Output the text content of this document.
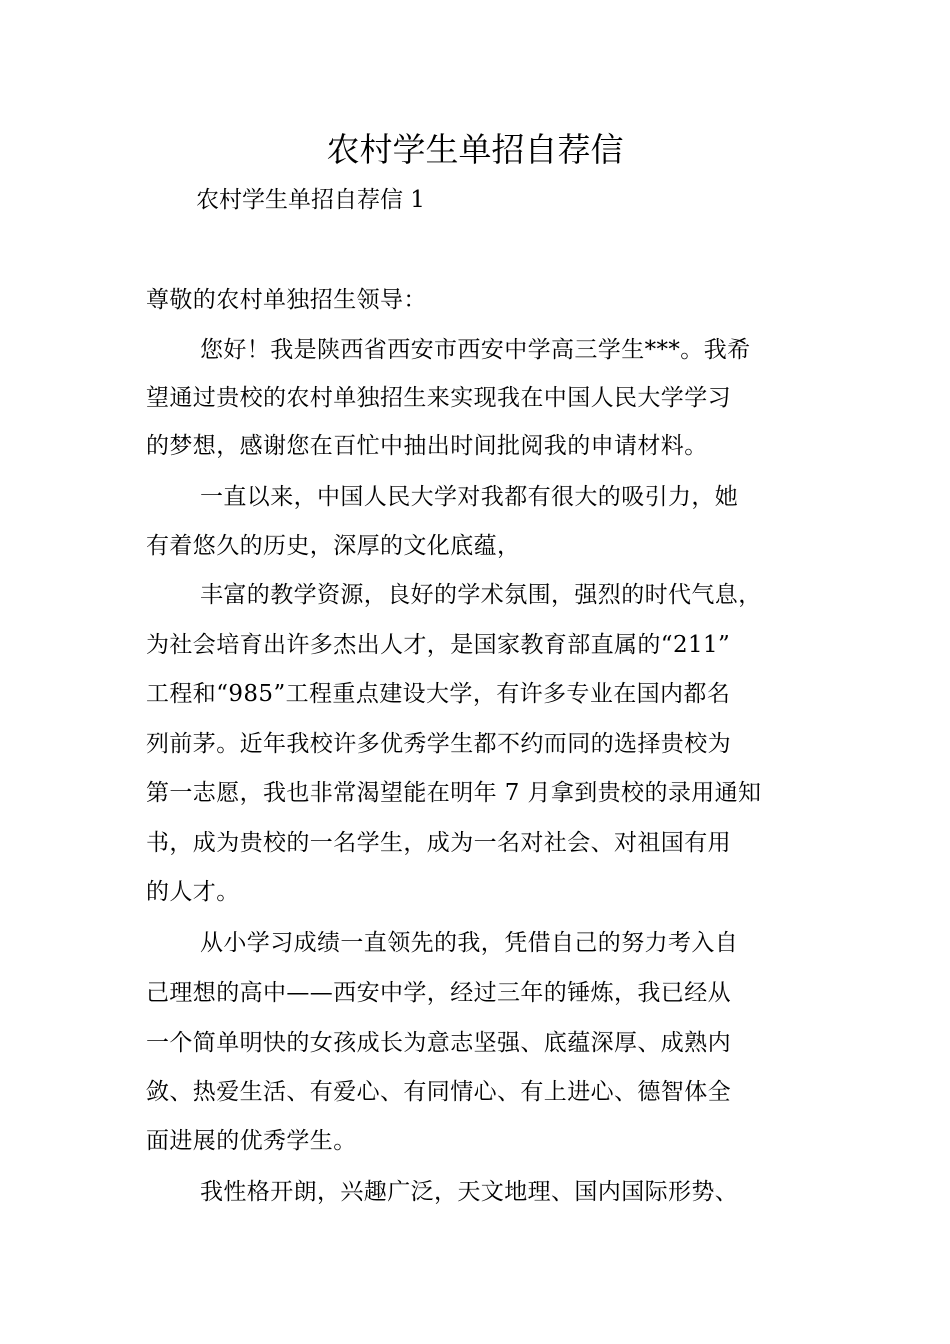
农村学生单招自荐信
农村学生单招自荐信 1
尊敬的农村单独招生领导：
您好！我是陕西省西安市西安中学高三学生***。我希
望通过贵校的农村单独招生来实现我在中国人民大学学习
的梦想，感谢您在百忙中抽出时间批阅我的申请材料。
一直以来，中国人民大学对我都有很大的吸引力，她
有着悠久的历史，深厚的文化底蕴，
丰富的教学资源，良好的学术氛围，强烈的时代气息，
为社会培育出许多杰出人才，是国家教育部直属的“211”
工程和“985”工程重点建设大学，有许多专业在国内都名
列前茅。近年我校许多优秀学生都不约而同的选择贵校为
第一志愿，我也非常渴望能在明年 7 月拿到贵校的录用通知
书，成为贵校的一名学生，成为一名对社会、对祖国有用
的人才。
从小学习成绩一直领先的我，凭借自己的努力考入自
己理想的高中——西安中学，经过三年的锤炼，我已经从
一个简单明快的女孩成长为意志坚强、底蕴深厚、成熟内
敛、热爱生活、有爱心、有同情心、有上进心、德智体全
面进展的优秀学生。
我性格开朗，兴趣广泛，天文地理、国内国际形势、
